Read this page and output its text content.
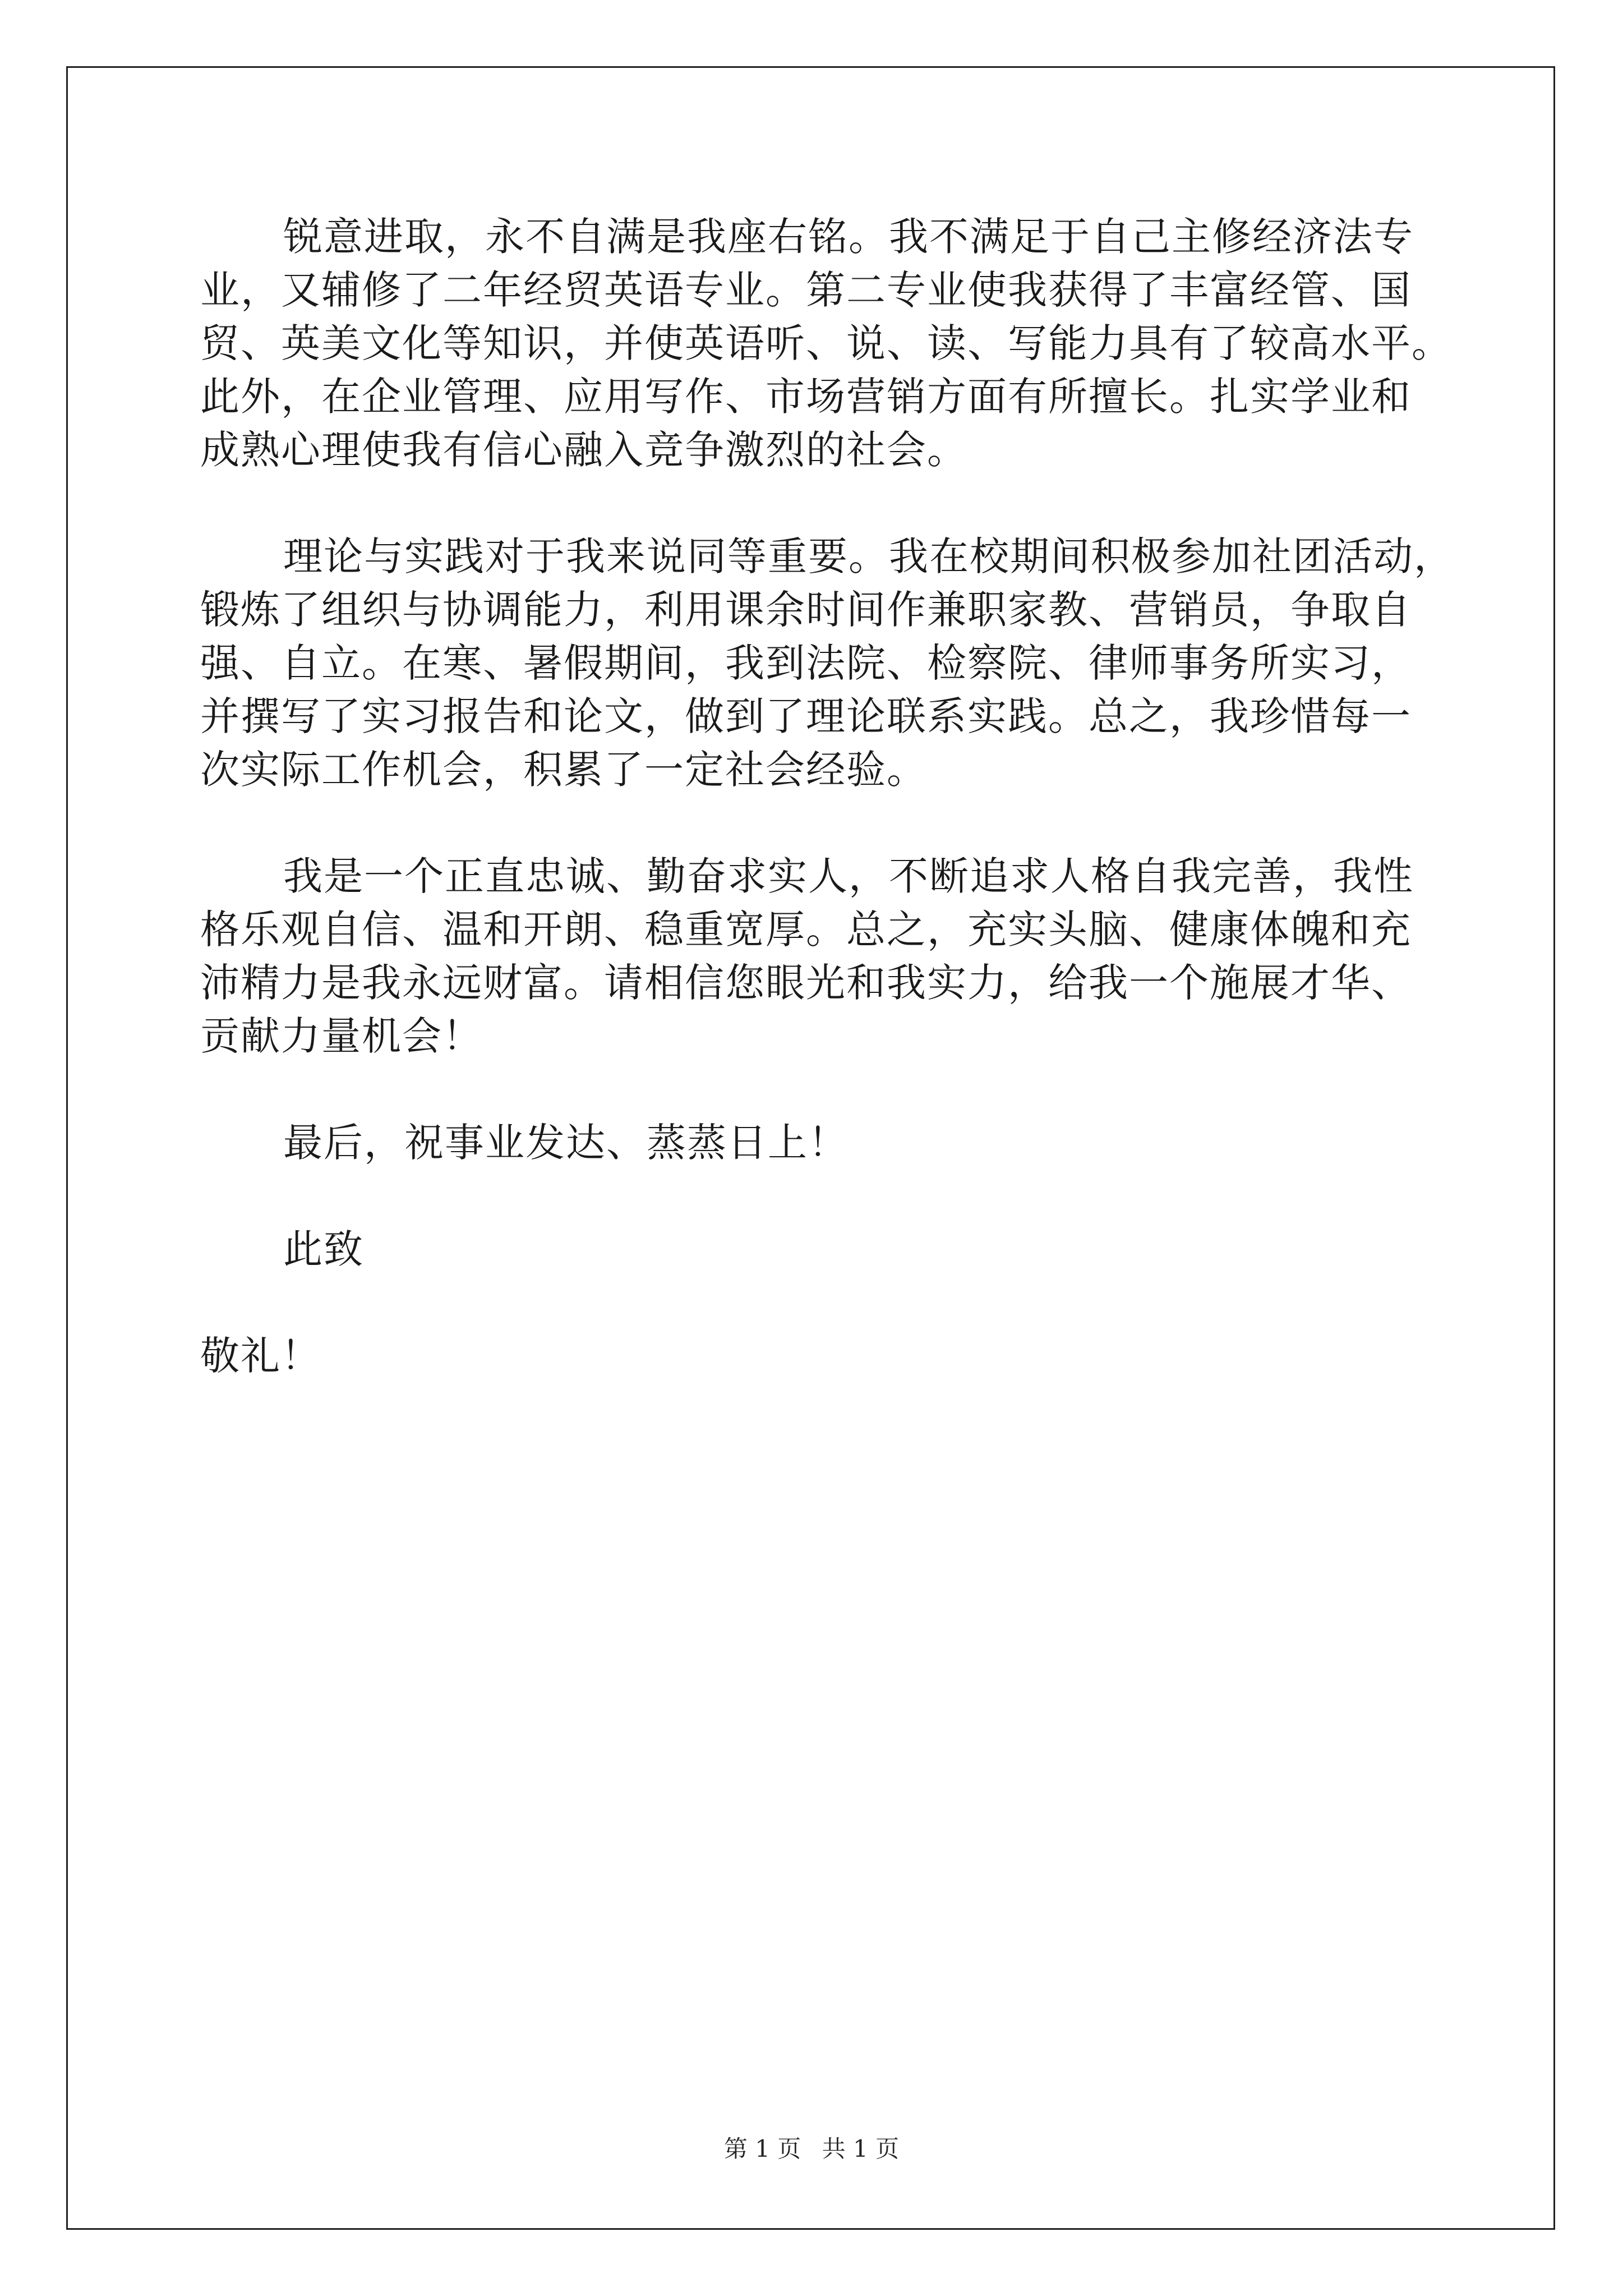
锐意进取，永不自满是我座右铭。我不满足于自己主修经济法专

业，又辅修了二年经贸英语专业。第二专业使我获得了丰富经管、国

贸、英美文化等知识，并使英语听、说、读、写能力具有了较高水平。

此外，在企业管理、应用写作、市场营销方面有所擅长。扎实学业和

成熟心理使我有信心融入竞争激烈的社会。

理论与实践对于我来说同等重要。我在校期间积极参加社团活动，

锻炼了组织与协调能力，利用课余时间作兼职家教、营销员，争取自

强、自立。在寒、暑假期间，我到法院、检察院、律师事务所实习，

并撰写了实习报告和论文，做到了理论联系实践。总之，我珍惜每一

次实际工作机会，积累了一定社会经验。

我是一个正直忠诚、勤奋求实人，不断追求人格自我完善，我性

格乐观自信、温和开朗、稳重宽厚。总之，充实头脑、健康体魄和充

沛精力是我永远财富。请相信您眼光和我实力，给我一个施展才华、

贡献力量机会！

最后，祝事业发达、蒸蒸日上！

此致

敬礼！

第 1 页 共 1 页
